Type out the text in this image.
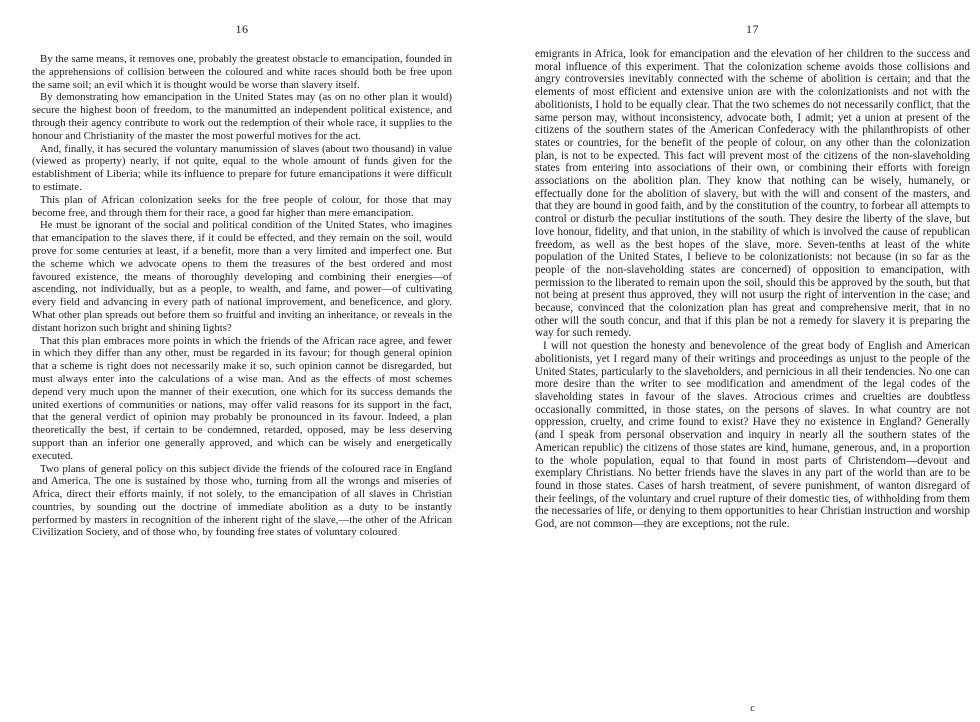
16

By the same means, it removes one, probably the greatest obstacle to emancipation, founded in the apprehensions of collision between the coloured and white races should both be free upon the same soil; an evil which it is thought would be worse than slavery itself.

By demonstrating how emancipation in the United States may (as on no other plan it would) secure the highest boon of freedom, to the manumitted an independent political existence, and through their agency contribute to work out the redemption of their whole race, it supplies to the honour and Christianity of the master the most powerful motives for the act.

And, finally, it has secured the voluntary manumission of slaves (about two thousand) in value (viewed as property) nearly, if not quite, equal to the whole amount of funds given for the establishment of Liberia; while its influence to prepare for future emancipations it were difficult to estimate.

This plan of African colonization seeks for the free people of colour, for those that may become free, and through them for their race, a good far higher than mere emancipation.

He must be ignorant of the social and political condition of the United States, who imagines that emancipation to the slaves there, if it could be effected, and they remain on the soil, would prove for some centuries at least, if a benefit, more than a very limited and imperfect one. But the scheme which we advocate opens to them the treasures of the best ordered and most favoured existence, the means of thoroughly developing and combining their energies—of ascending, not individually, but as a people, to wealth, and fame, and power—of cultivating every field and advancing in every path of national improvement, and beneficence, and glory. What other plan spreads out before them so fruitful and inviting an inheritance, or reveals in the distant horizon such bright and shining lights?

That this plan embraces more points in which the friends of the African race agree, and fewer in which they differ than any other, must be regarded in its favour; for though general opinion that a scheme is right does not necessarily make it so, such opinion cannot be disregarded, but must always enter into the calculations of a wise man. And as the effects of most schemes depend very much upon the manner of their execution, one which for its success demands the united exertions of communities or nations, may offer valid reasons for its support in the fact, that the general verdict of opinion may probably be pronounced in its favour. Indeed, a plan theoretically the best, if certain to be condemned, retarded, opposed, may be less deserving support than an inferior one generally approved, and which can be wisely and energetically executed.

Two plans of general policy on this subject divide the friends of the coloured race in England and America. The one is sustained by those who, turning from all the wrongs and miseries of Africa, direct their efforts mainly, if not solely, to the emancipation of all slaves in Christian countries, by sounding out the doctrine of immediate abolition as a duty to be instantly performed by masters in recognition of the inherent right of the slave,—the other of the African Civilization Society, and of those who, by founding free states of voluntary coloured

17

emigrants in Africa, look for emancipation and the elevation of her children to the success and moral influence of this experiment. That the colonization scheme avoids those collisions and angry controversies inevitably connected with the scheme of abolition is certain; and that the elements of most efficient and extensive union are with the colonizationists and not with the abolitionists, I hold to be equally clear. That the two schemes do not necessarily conflict, that the same person may, without inconsistency, advocate both, I admit; yet a union at present of the citizens of the southern states of the American Confederacy with the philanthropists of other states or countries, for the benefit of the people of colour, on any other than the colonization plan, is not to be expected. This fact will prevent most of the citizens of the non-slaveholding states from entering into associations of their own, or combining their efforts with foreign associations on the abolition plan. They know that nothing can be wisely, humanely, or effectually done for the abolition of slavery, but with the will and consent of the masters, and that they are bound in good faith, and by the constitution of the country, to forbear all attempts to control or disturb the peculiar institutions of the south. They desire the liberty of the slave, but love honour, fidelity, and that union, in the stability of which is involved the cause of republican freedom, as well as the best hopes of the slave, more. Seven-tenths at least of the white population of the United States, I believe to be colonizationists: not because (in so far as the people of the non-slaveholding states are concerned) of opposition to emancipation, with permission to the liberated to remain upon the soil, should this be approved by the south, but that not being at present thus approved, they will not usurp the right of intervention in the case; and because, convinced that the colonization plan has great and comprehensive merit, that in no other will the south concur, and that if this plan be not a remedy for slavery it is preparing the way for such remedy.

I will not question the honesty and benevolence of the great body of English and American abolitionists, yet I regard many of their writings and proceedings as unjust to the people of the United States, particularly to the slaveholders, and pernicious in all their tendencies. No one can more desire than the writer to see modification and amendment of the legal codes of the slaveholding states in favour of the slaves. Atrocious crimes and cruelties are doubtless occasionally committed, in those states, on the persons of slaves. In what country are not oppression, cruelty, and crime found to exist? Have they no existence in England? Generally (and I speak from personal observation and inquiry in nearly all the southern states of the American republic) the citizens of those states are kind, humane, generous, and, in a proportion to the whole population, equal to that found in most parts of Christendom—devout and exemplary Christians. No better friends have the slaves in any part of the world than are to be found in those states. Cases of harsh treatment, of severe punishment, of wanton disregard of their feelings, of the voluntary and cruel rupture of their domestic ties, of withholding from them the necessaries of life, or denying to them opportunities to hear Christian instruction and worship God, are not common—they are exceptions, not the rule.

c
